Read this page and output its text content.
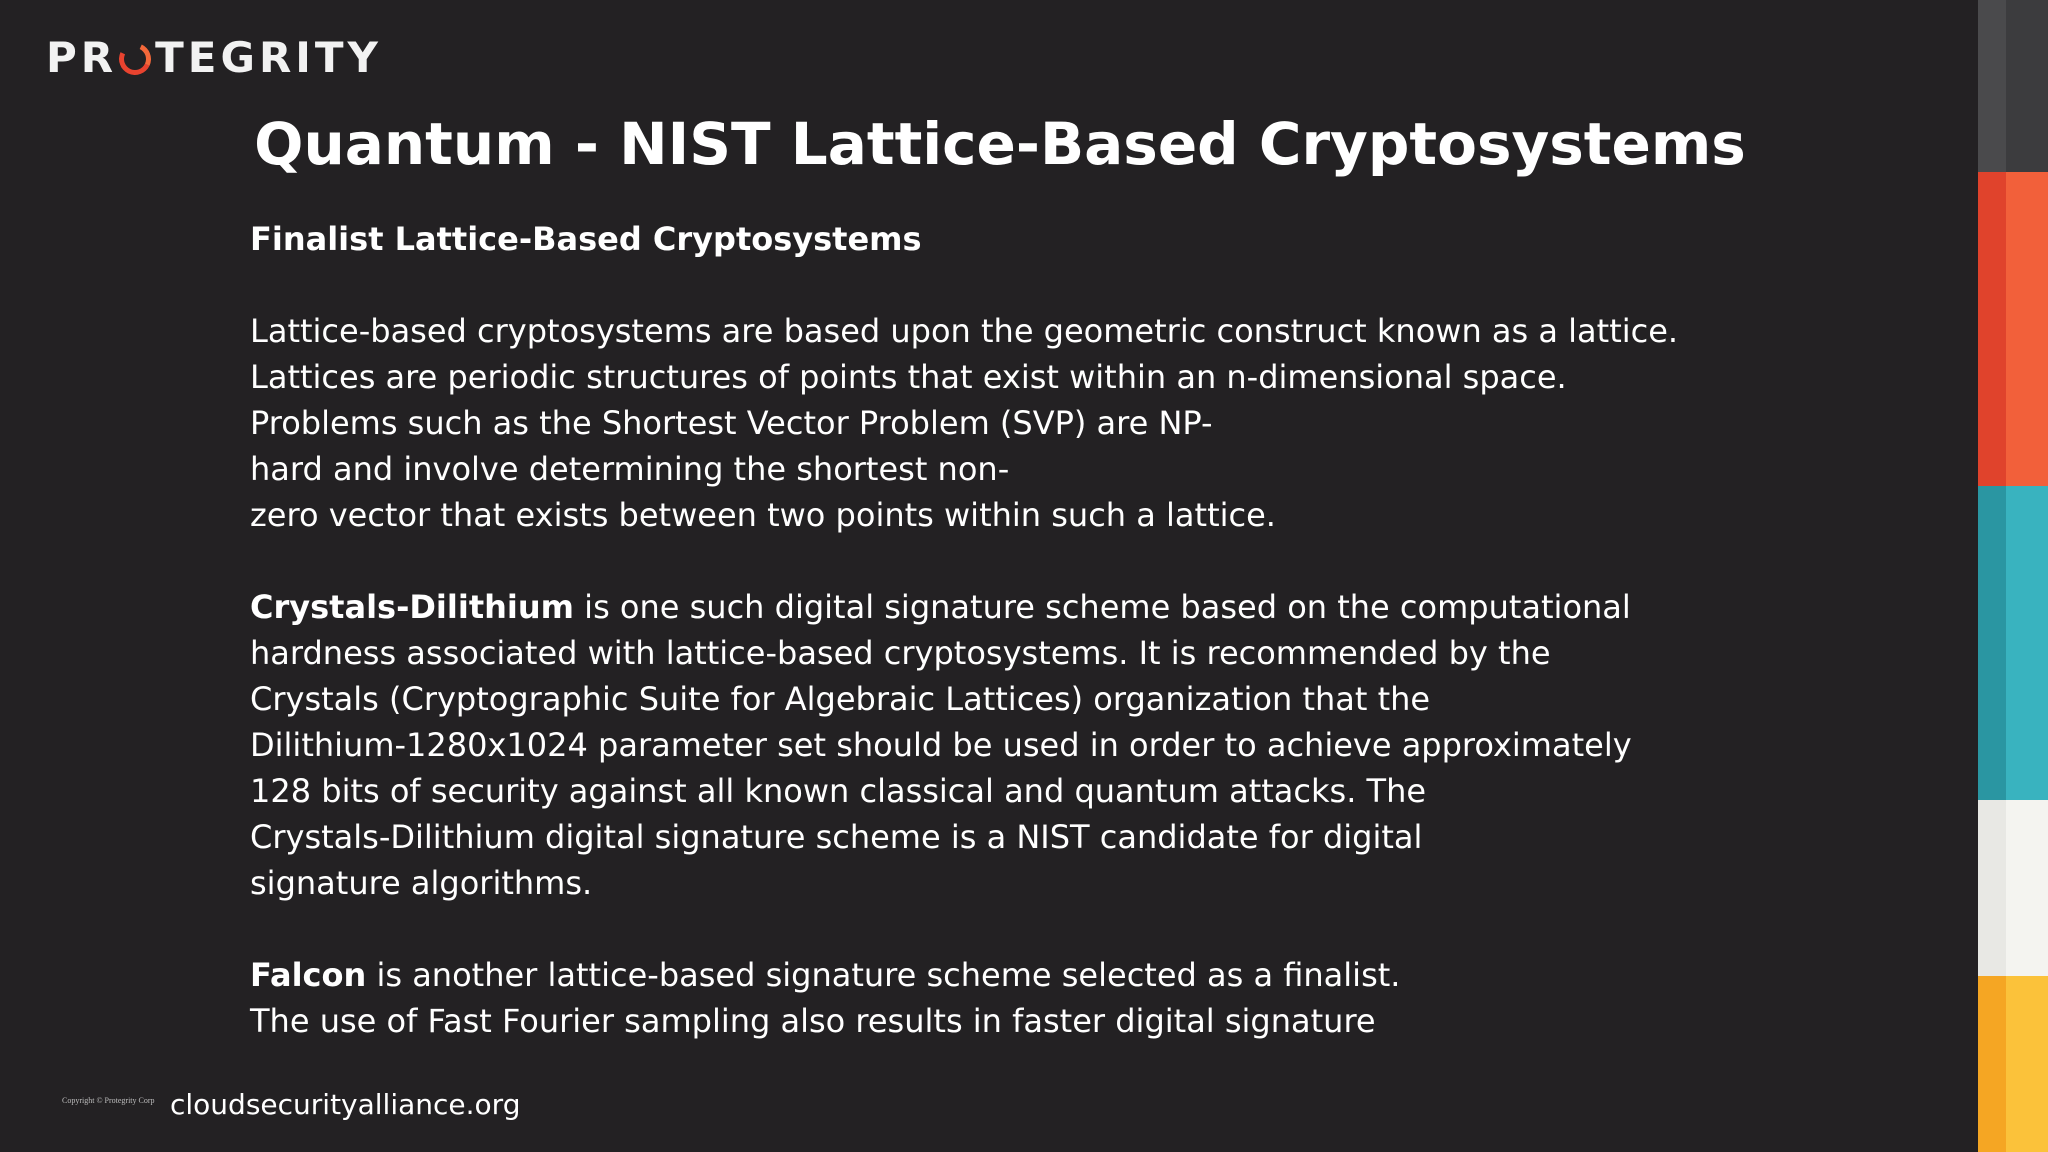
PR TEGRITY
Quantum - NIST Lattice-Based Cryptosystems

Finalist Lattice-Based Cryptosystems

Lattice-based cryptosystems are based upon the geometric construct known as a lattice.

Lattices are periodic structures of points that exist within an n-dimensional space.

Problems such as the Shortest Vector Problem (SVP) are NP-

hard and involve determining the shortest non-

zero vector that exists between two points within such a lattice.

Crystals-Dilithium is one such digital signature scheme based on the computational

hardness associated with lattice-based cryptosystems. It is recommended by the

Crystals (Cryptographic Suite for Algebraic Lattices) organization that the

Dilithium-1280x1024 parameter set should be used in order to achieve approximately

128 bits of security against all known classical and quantum attacks. The

Crystals-Dilithium digital signature scheme is a NIST candidate for digital

signature algorithms.

Falcon is another lattice-based signature scheme selected as a finalist.

The use of Fast Fourier sampling also results in faster digital signature

Copyright © Protegrity Corp cloudsecurityalliance.org
